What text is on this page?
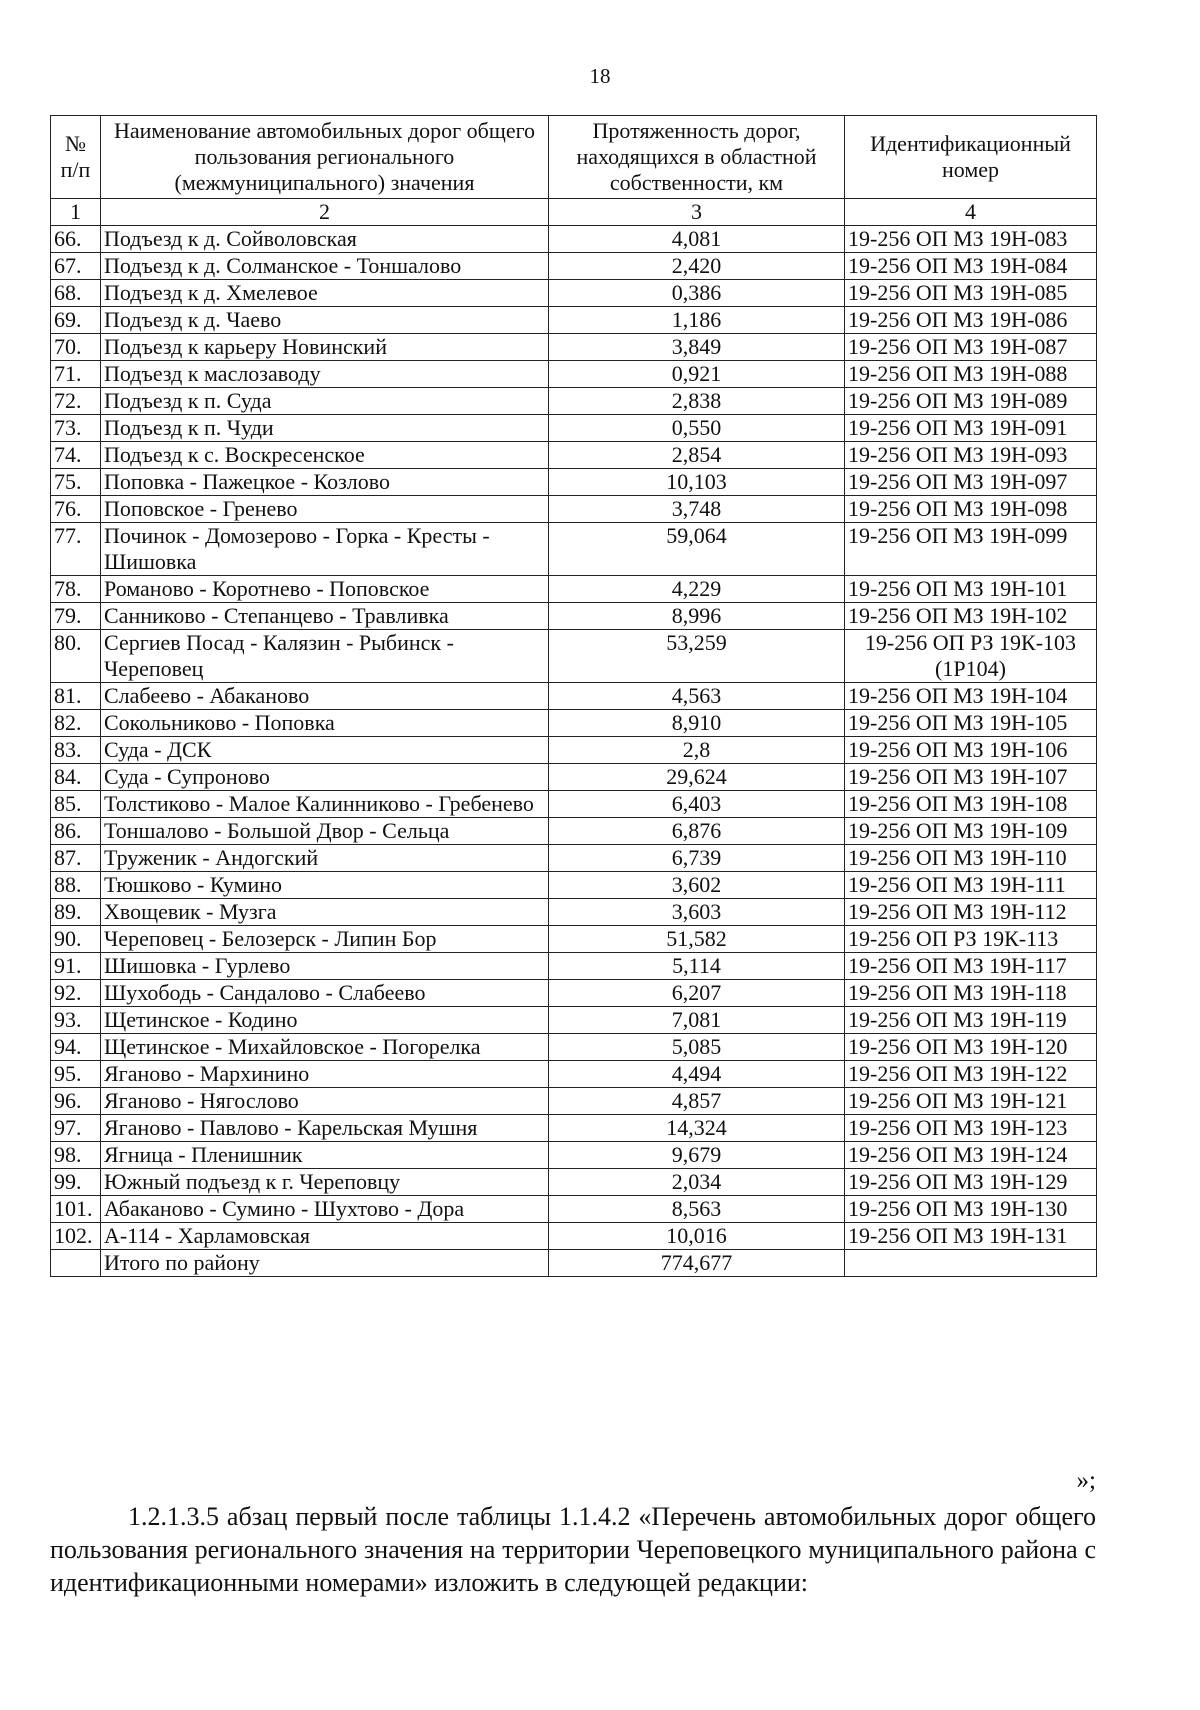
18
№ п/п	Наименование автомобильных дорог общего пользования регионального (межмуниципального) значения	Протяженность дорог, находящихся в областной собственности, км	Идентификационный номер
1	2	3	4
66.	Подъезд к д. Сойволовская	4,081	19-256 ОП МЗ 19Н-083
67.	Подъезд к д. Солманское - Тоншалово	2,420	19-256 ОП МЗ 19Н-084
68.	Подъезд к д. Хмелевое	0,386	19-256 ОП МЗ 19Н-085
69.	Подъезд к д. Чаево	1,186	19-256 ОП МЗ 19Н-086
70.	Подъезд к карьеру Новинский	3,849	19-256 ОП МЗ 19Н-087
71.	Подъезд к маслозаводу	0,921	19-256 ОП МЗ 19Н-088
72.	Подъезд к п. Суда	2,838	19-256 ОП МЗ 19Н-089
73.	Подъезд к п. Чуди	0,550	19-256 ОП МЗ 19Н-091
74.	Подъезд к с. Воскресенское	2,854	19-256 ОП МЗ 19Н-093
75.	Поповка - Пажецкое - Козлово	10,103	19-256 ОП МЗ 19Н-097
76.	Поповское - Гренево	3,748	19-256 ОП МЗ 19Н-098
77.	Починок - Домозерово - Горка - Кресты - Шишовка	59,064	19-256 ОП МЗ 19Н-099
78.	Романово - Коротнево - Поповское	4,229	19-256 ОП МЗ 19Н-101
79.	Санниково - Степанцево - Травливка	8,996	19-256 ОП МЗ 19Н-102
80.	Сергиев Посад - Калязин - Рыбинск - Череповец	53,259	19-256 ОП РЗ 19К-103 (1Р104)
81.	Слабеево - Абаканово	4,563	19-256 ОП МЗ 19Н-104
82.	Сокольниково - Поповка	8,910	19-256 ОП МЗ 19Н-105
83.	Суда - ДСК	2,8	19-256 ОП МЗ 19Н-106
84.	Суда - Супроново	29,624	19-256 ОП МЗ 19Н-107
85.	Толстиково - Малое Калинниково - Гребенево	6,403	19-256 ОП МЗ 19Н-108
86.	Тоншалово - Большой Двор - Сельца	6,876	19-256 ОП МЗ 19Н-109
87.	Труженик - Андогский	6,739	19-256 ОП МЗ 19Н-110
88.	Тюшково - Кумино	3,602	19-256 ОП МЗ 19Н-111
89.	Хвощевик - Музга	3,603	19-256 ОП МЗ 19Н-112
90.	Череповец - Белозерск - Липин Бор	51,582	19-256 ОП РЗ 19К-113
91.	Шишовка - Гурлево	5,114	19-256 ОП МЗ 19Н-117
92.	Шухободь - Сандалово - Слабеево	6,207	19-256 ОП МЗ 19Н-118
93.	Щетинское - Кодино	7,081	19-256 ОП МЗ 19Н-119
94.	Щетинское - Михайловское - Погорелка	5,085	19-256 ОП МЗ 19Н-120
95.	Яганово - Мархинино	4,494	19-256 ОП МЗ 19Н-122
96.	Яганово - Нягослово	4,857	19-256 ОП МЗ 19Н-121
97.	Яганово - Павлово - Карельская Мушня	14,324	19-256 ОП МЗ 19Н-123
98.	Ягница - Пленишник	9,679	19-256 ОП МЗ 19Н-124
99.	Южный подъезд к г. Череповцу	2,034	19-256 ОП МЗ 19Н-129
101.	Абаканово - Сумино - Шухтово - Дора	8,563	19-256 ОП МЗ 19Н-130
102.	А-114 - Харламовская	10,016	19-256 ОП МЗ 19Н-131
	Итого по району	774,677	
»;
1.2.1.3.5 абзац первый после таблицы 1.1.4.2 «Перечень автомобильных дорог общего пользования регионального значения на территории Череповецкого муниципального района с идентификационными номерами» изложить в следующей редакции:
